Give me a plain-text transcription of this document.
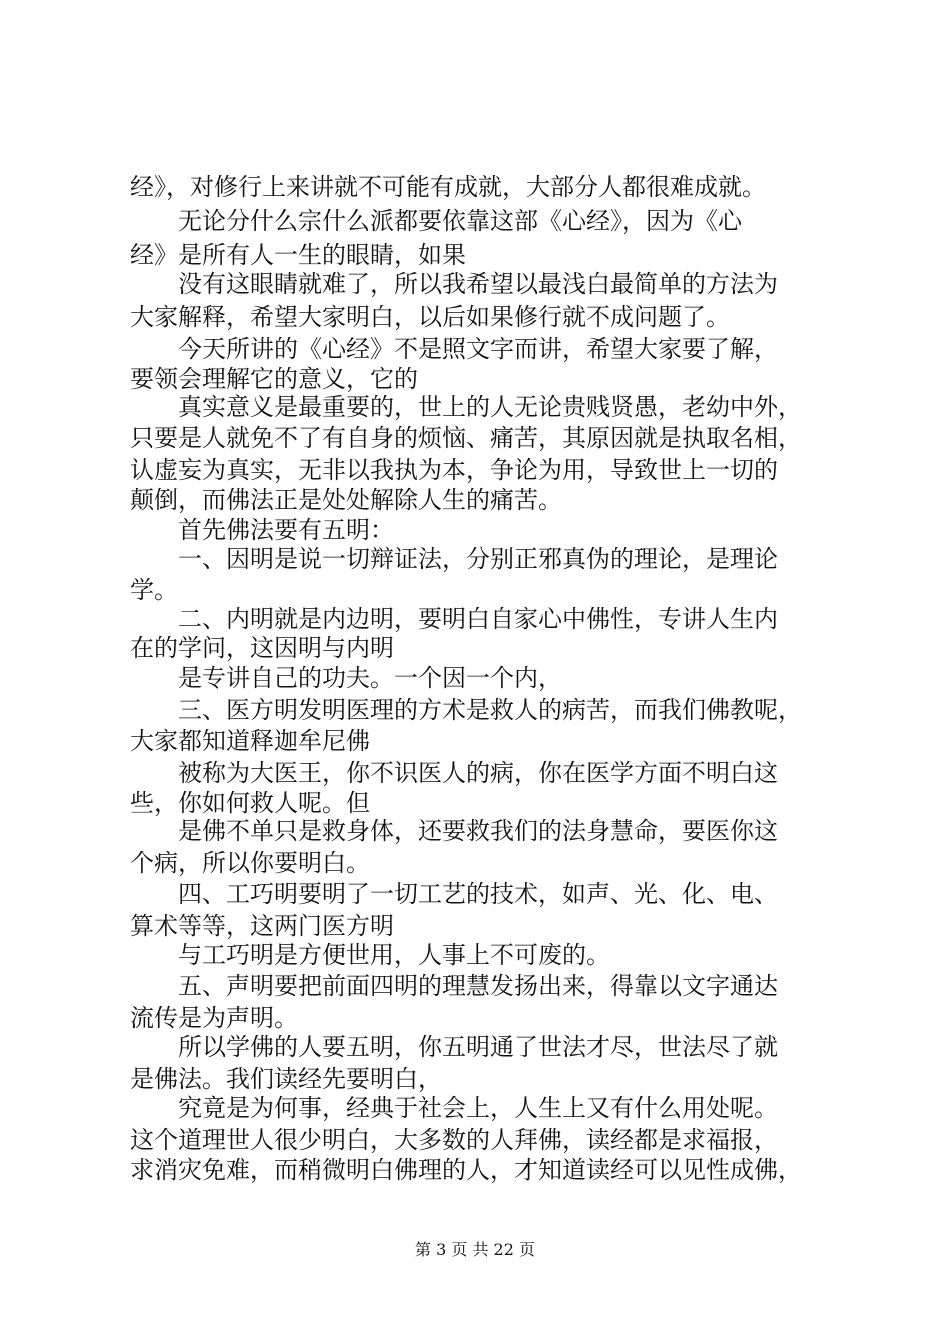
经》，对修行上来讲就不可能有成就，大部分人都很难成就。
　　无论分什么宗什么派都要依靠这部《心经》，因为《心
经》是所有人一生的眼睛，如果
　　没有这眼睛就难了，所以我希望以最浅白最简单的方法为
大家解释，希望大家明白，以后如果修行就不成问题了。
　　今天所讲的《心经》不是照文字而讲，希望大家要了解，
要领会理解它的意义，它的
　　真实意义是最重要的，世上的人无论贵贱贤愚，老幼中外，
只要是人就免不了有自身的烦恼、痛苦，其原因就是执取名相，
认虚妄为真实，无非以我执为本，争论为用，导致世上一切的
颠倒，而佛法正是处处解除人生的痛苦。
　　首先佛法要有五明：
　　一、因明是说一切辩证法，分别正邪真伪的理论，是理论
学。
　　二、内明就是内边明，要明白自家心中佛性，专讲人生内
在的学问，这因明与内明
　　是专讲自己的功夫。一个因一个内，
　　三、医方明发明医理的方术是救人的病苦，而我们佛教呢，
大家都知道释迦牟尼佛
　　被称为大医王，你不识医人的病，你在医学方面不明白这
些，你如何救人呢。但
　　是佛不单只是救身体，还要救我们的法身慧命，要医你这
个病，所以你要明白。
　　四、工巧明要明了一切工艺的技术，如声、光、化、电、
算术等等，这两门医方明
　　与工巧明是方便世用，人事上不可废的。
　　五、声明要把前面四明的理慧发扬出来，得靠以文字通达
流传是为声明。
　　所以学佛的人要五明，你五明通了世法才尽，世法尽了就
是佛法。我们读经先要明白，
　　究竟是为何事，经典于社会上，人生上又有什么用处呢。
这个道理世人很少明白，大多数的人拜佛，读经都是求福报，
求消灾免难，而稍微明白佛理的人，才知道读经可以见性成佛，
第 3 页 共 22 页
